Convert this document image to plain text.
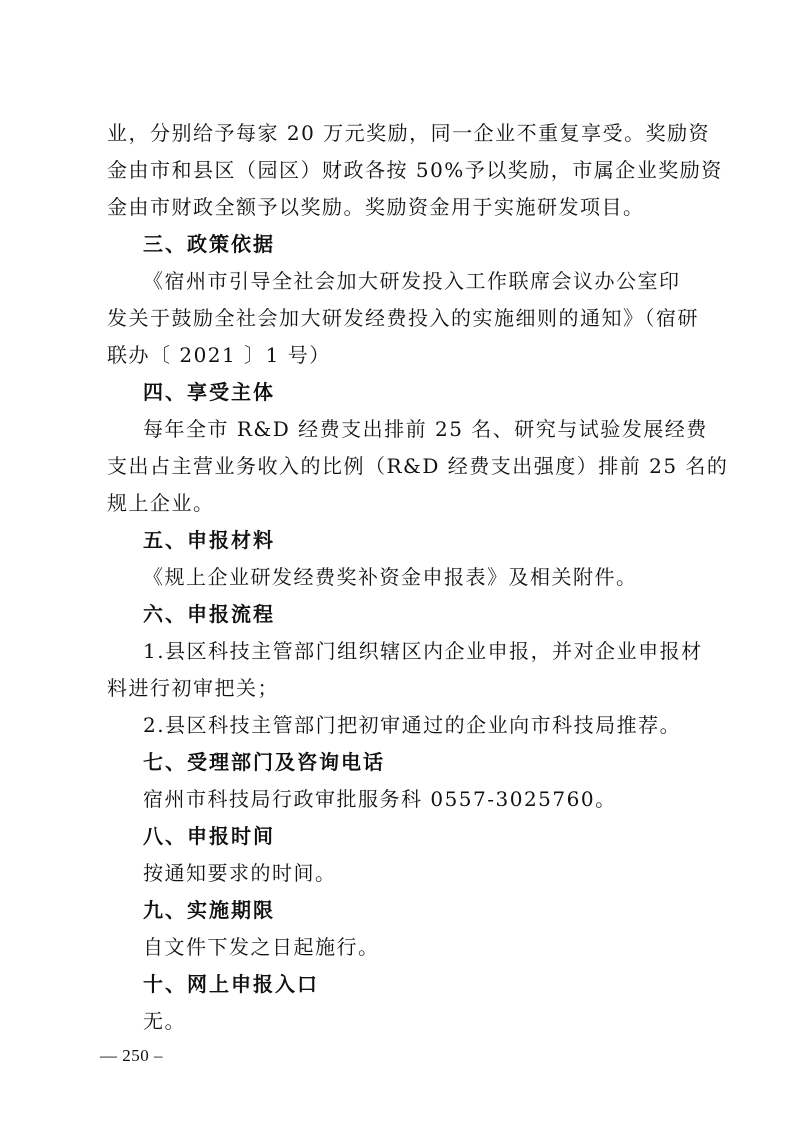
业，分别给予每家 20 万元奖励，同一企业不重复享受。奖励资
金由市和县区（园区）财政各按 50%予以奖励，市属企业奖励资
金由市财政全额予以奖励。奖励资金用于实施研发项目。
三、政策依据
《宿州市引导全社会加大研发投入工作联席会议办公室印
发关于鼓励全社会加大研发经费投入的实施细则的通知》（宿研
联办〔 2021 〕1 号）
四、享受主体
每年全市 R&D 经费支出排前 25 名、研究与试验发展经费
支出占主营业务收入的比例（R&D 经费支出强度）排前 25 名的
规上企业。
五、申报材料
《规上企业研发经费奖补资金申报表》及相关附件。
六、申报流程
1.县区科技主管部门组织辖区内企业申报，并对企业申报材
料进行初审把关；
2.县区科技主管部门把初审通过的企业向市科技局推荐。
七、受理部门及咨询电话
宿州市科技局行政审批服务科 0557-3025760。
八、申报时间
按通知要求的时间。
九、实施期限
自文件下发之日起施行。
十、网上申报入口
无。
— 250 –
